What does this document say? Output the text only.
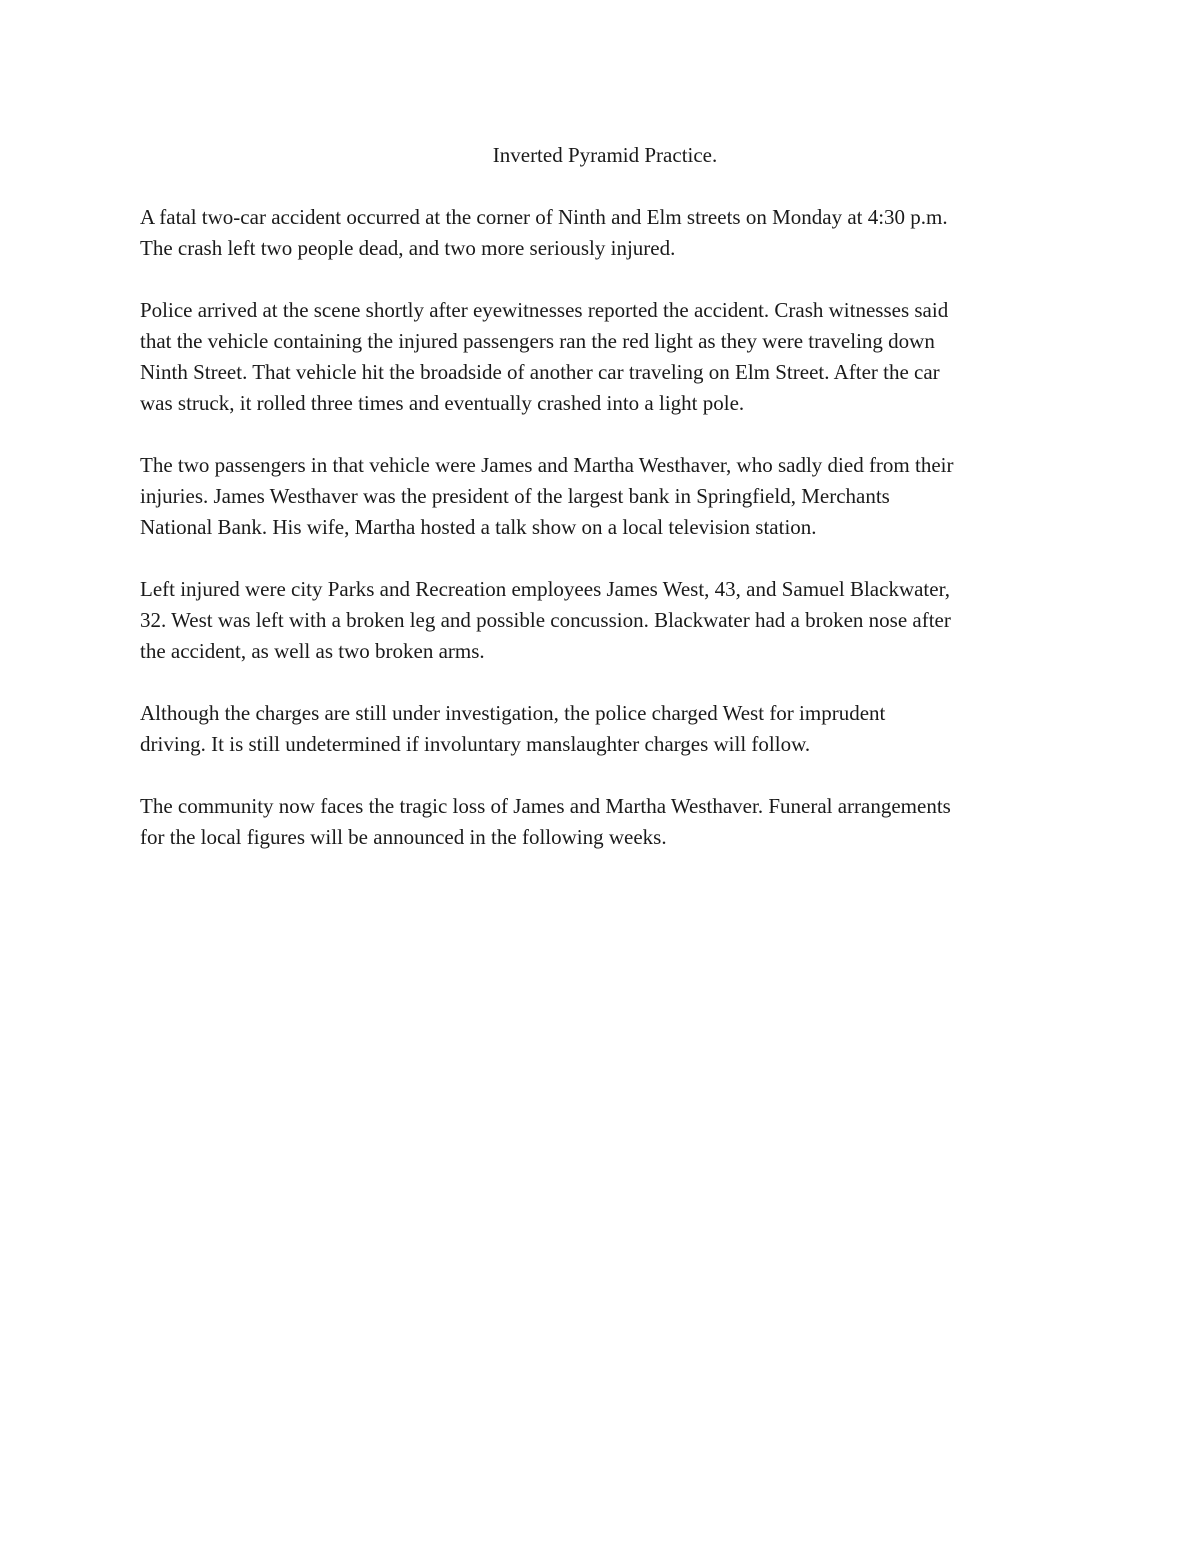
Inverted Pyramid Practice.
A fatal two-car accident occurred at the corner of Ninth and Elm streets on Monday at 4:30 p.m.
The crash left two people dead, and two more seriously injured.
Police arrived at the scene shortly after eyewitnesses reported the accident. Crash witnesses said
that the vehicle containing the injured passengers ran the red light as they were traveling down
Ninth Street. That vehicle hit the broadside of another car traveling on Elm Street. After the car
was struck, it rolled three times and eventually crashed into a light pole.
The two passengers in that vehicle were James and Martha Westhaver, who sadly died from their
injuries. James Westhaver was the president of the largest bank in Springfield, Merchants
National Bank. His wife, Martha hosted a talk show on a local television station.
Left injured were city Parks and Recreation employees James West, 43, and Samuel Blackwater,
32. West was left with a broken leg and possible concussion. Blackwater had a broken nose after
the accident, as well as two broken arms.
Although the charges are still under investigation, the police charged West for imprudent
driving. It is still undetermined if involuntary manslaughter charges will follow.
The community now faces the tragic loss of James and Martha Westhaver. Funeral arrangements
for the local figures will be announced in the following weeks.
